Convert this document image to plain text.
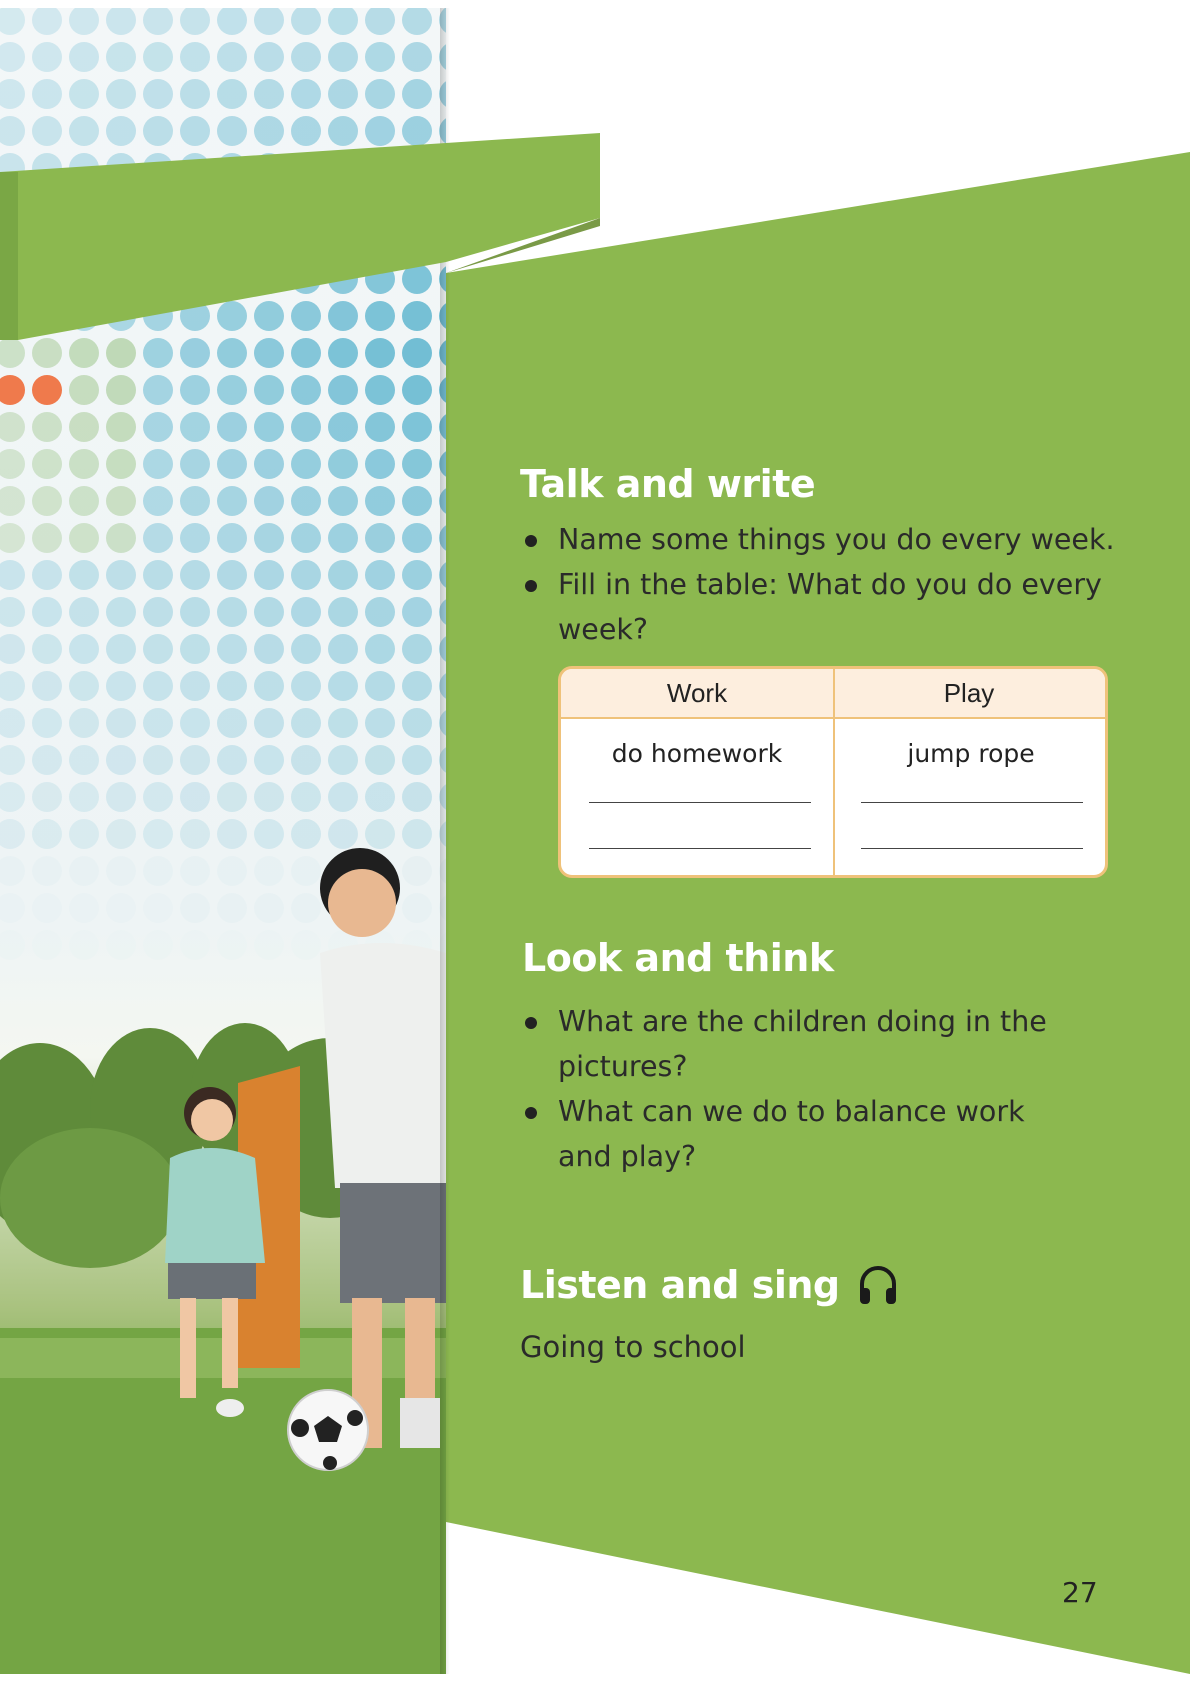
Talk and write
Name some things you do every week.
Fill in the table: What do you do every week?
Work	Play
do homework	jump rope
Look and think
What are the children doing in the pictures?
What can we do to balance work and play?
Listen and sing

Going to school

27
